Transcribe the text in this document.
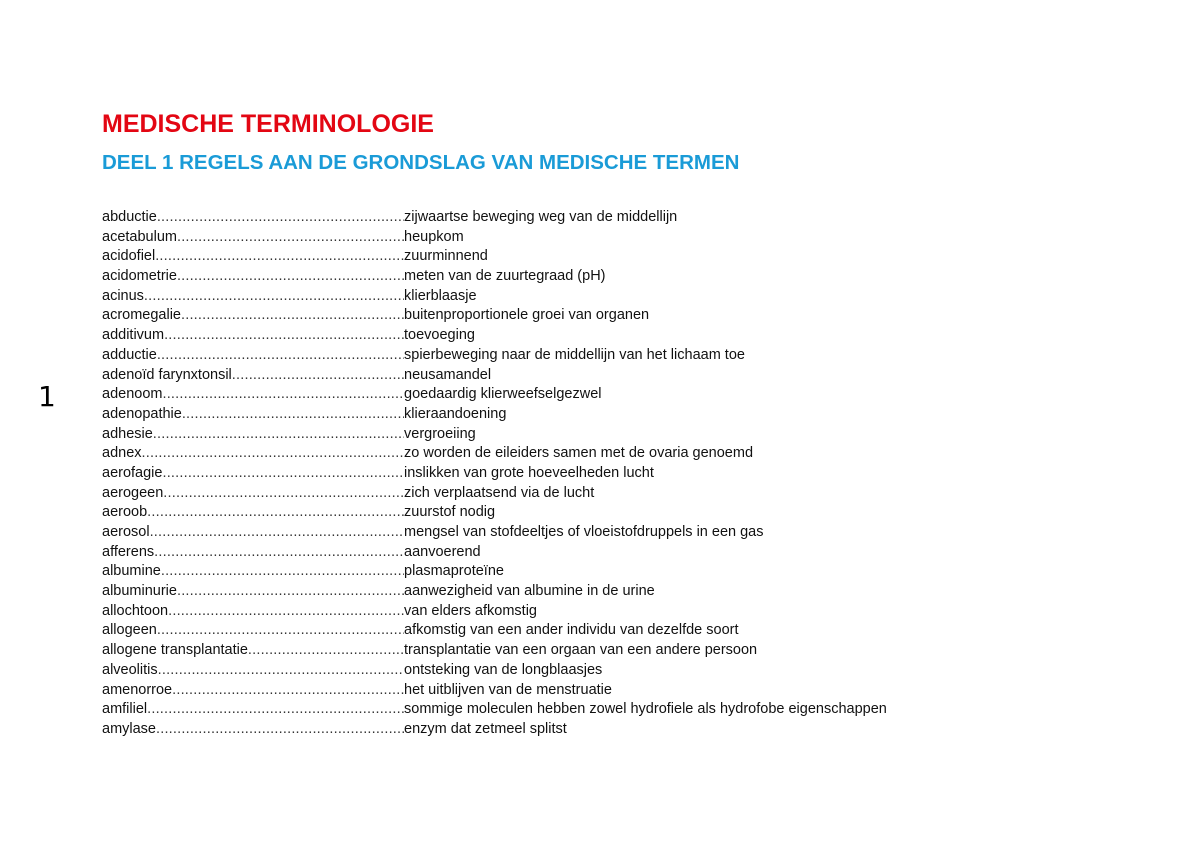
1
MEDISCHE TERMINOLOGIE
DEEL 1 REGELS AAN DE GRONDSLAG VAN MEDISCHE TERMEN
abductie .....	zijwaartse beweging weg van de middellijn
acetabulum .....	heupkom
acidofiel .....	zuurminnend
acidometrie .....	meten van de zuurtegraad (pH)
acinus .....	klierblaasje
acromegalie .....	buitenproportionele groei van organen
additivum .....	toevoeging
adductie .....	spierbeweging naar de middellijn van het lichaam toe
adenoïd farynxtonsil .....	neusamandel
adenoom .....	goedaardig klierweefselgezwel
adenopathie .....	klieraandoening
adhesie .....	vergroeiing
adnex .....	zo worden de eileiders samen met de ovaria genoemd
aerofagie .....	inslikken van grote hoeveelheden lucht
aerogeen .....	zich verplaatsend via de lucht
aeroob .....	zuurstof nodig
aerosol .....	mengsel van stofdeeltjes of vloeistofdruppels in een gas
afferens .....	aanvoerend
albumine .....	plasmaproteïne
albuminurie .....	aanwezigheid van albumine in de urine
allochtoon .....	van elders afkomstig
allogeen .....	afkomstig van een ander individu van dezelfde soort
allogene transplantatie .....	transplantatie van een orgaan van een andere persoon
alveolitis .....	ontsteking van de longblaasjes
amenorroe .....	het uitblijven van de menstruatie
amfiliel .....	sommige moleculen hebben zowel hydrofiele als hydrofobe eigenschappen
amylase .....	enzym dat zetmeel splitst
